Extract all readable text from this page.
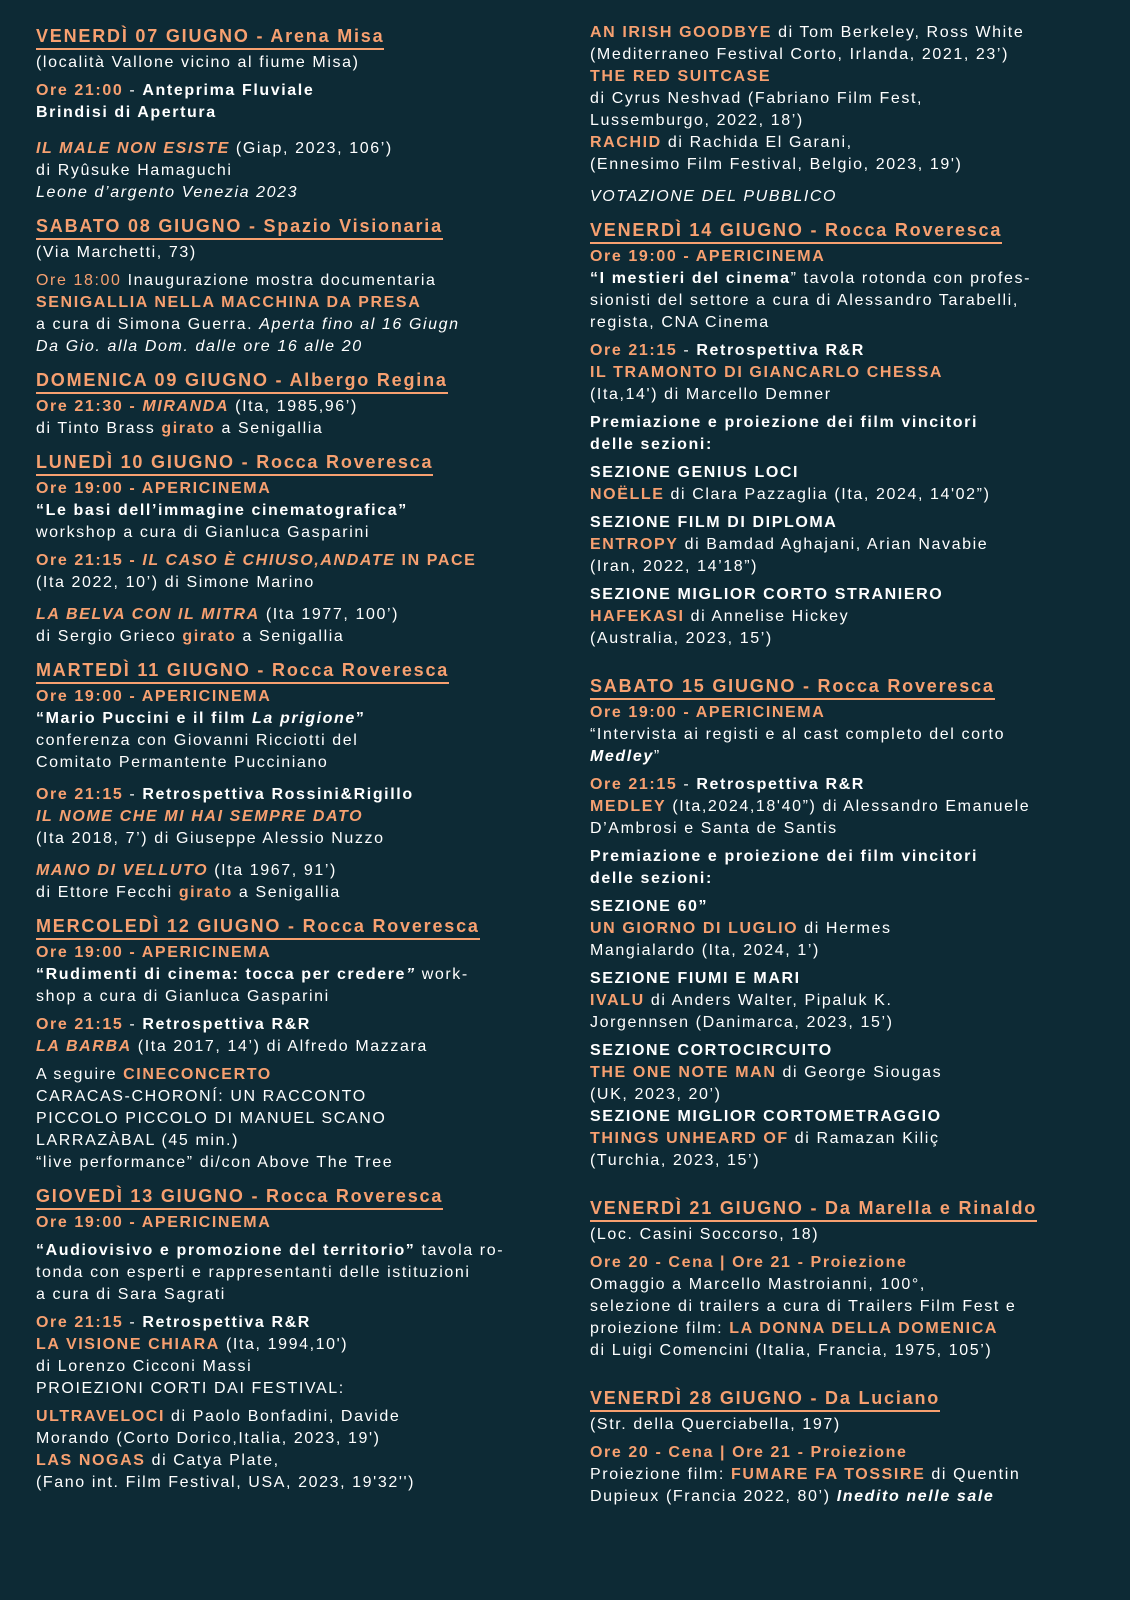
VENERDÌ 07 GIUGNO - Arena Misa
(località Vallone vicino al fiume Misa)
Ore 21:00 - Anteprima Fluviale
Brindisi di Apertura
IL MALE NON ESISTE (Giap, 2023, 106’)
di Ryûsuke Hamaguchi
Leone d’argento Venezia 2023
SABATO 08 GIUGNO - Spazio Visionaria
(Via Marchetti, 73)
Ore 18:00 Inaugurazione mostra documentaria
SENIGALLIA NELLA MACCHINA DA PRESA
a cura di Simona Guerra. Aperta fino al 16 Giugn
Da Gio. alla Dom. dalle ore 16 alle 20
DOMENICA 09 GIUGNO - Albergo Regina
Ore 21:30 - MIRANDA (Ita, 1985,96’)
di Tinto Brass girato a Senigallia
LUNEDÌ 10 GIUGNO - Rocca Roveresca
Ore 19:00 - APERICINEMA
“Le basi dell’immagine cinematografica”
workshop a cura di Gianluca Gasparini
Ore 21:15 - IL CASO È CHIUSO,ANDATE IN PACE
(Ita 2022, 10’) di Simone Marino
LA BELVA CON IL MITRA (Ita 1977, 100’)
di Sergio Grieco girato a Senigallia
MARTEDÌ 11 GIUGNO - Rocca Roveresca
Ore 19:00 - APERICINEMA
“Mario Puccini e il film La prigione”
conferenza con Giovanni Ricciotti del
Comitato Permantente Pucciniano
Ore 21:15 - Retrospettiva Rossini&Rigillo
IL NOME CHE MI HAI SEMPRE DATO
(Ita 2018, 7’) di Giuseppe Alessio Nuzzo
MANO DI VELLUTO (Ita 1967, 91’)
di Ettore Fecchi girato a Senigallia
MERCOLEDÌ 12 GIUGNO - Rocca Roveresca
Ore 19:00 - APERICINEMA
“Rudimenti di cinema: tocca per credere” work-
shop a cura di Gianluca Gasparini
Ore 21:15 - Retrospettiva R&R
LA BARBA (Ita 2017, 14’) di Alfredo Mazzara
A seguire CINECONCERTO
CARACAS-CHORONÍ: UN RACCONTO
PICCOLO PICCOLO DI MANUEL SCANO
LARRAZÀBAL (45 min.)
“live performance” di/con Above The Tree
GIOVEDÌ 13 GIUGNO - Rocca Roveresca
Ore 19:00 - APERICINEMA
“Audiovisivo e promozione del territorio” tavola ro-
tonda con esperti e rappresentanti delle istituzioni
a cura di Sara Sagrati
Ore 21:15 - Retrospettiva R&R
LA VISIONE CHIARA (Ita, 1994,10')
di Lorenzo Cicconi Massi
PROIEZIONI CORTI DAI FESTIVAL:
ULTRAVELOCI di Paolo Bonfadini, Davide
Morando (Corto Dorico,Italia, 2023, 19')
LAS NOGAS di Catya Plate,
(Fano int. Film Festival, USA, 2023, 19'32'')
AN IRISH GOODBYE di Tom Berkeley, Ross White
(Mediterraneo Festival Corto, Irlanda, 2021, 23’)
THE RED SUITCASE
di Cyrus Neshvad (Fabriano Film Fest,
Lussemburgo, 2022, 18’)
RACHID di Rachida El Garani,
(Ennesimo Film Festival, Belgio, 2023, 19')
VOTAZIONE DEL PUBBLICO
VENERDÌ 14 GIUGNO - Rocca Roveresca
Ore 19:00 - APERICINEMA
“I mestieri del cinema” tavola rotonda con profes-
sionisti del settore a cura di Alessandro Tarabelli,
regista, CNA Cinema
Ore 21:15 - Retrospettiva R&R
IL TRAMONTO DI GIANCARLO CHESSA
(Ita,14') di Marcello Demner
Premiazione e proiezione dei film vincitori
delle sezioni:
SEZIONE GENIUS LOCI
NOËLLE di Clara Pazzaglia (Ita, 2024, 14'02”)
SEZIONE FILM DI DIPLOMA
ENTROPY di Bamdad Aghajani, Arian Navabie
(Iran, 2022, 14’18”)
SEZIONE MIGLIOR CORTO STRANIERO
HAFEKASI di Annelise Hickey
(Australia, 2023, 15’)
SABATO 15 GIUGNO - Rocca Roveresca
Ore 19:00 - APERICINEMA
“Intervista ai registi e al cast completo del corto
Medley”
Ore 21:15 - Retrospettiva R&R
MEDLEY (Ita,2024,18'40”) di Alessandro Emanuele
D’Ambrosi e Santa de Santis
Premiazione e proiezione dei film vincitori
delle sezioni:
SEZIONE 60”
UN GIORNO DI LUGLIO di Hermes
Mangialardo (Ita, 2024, 1’)
SEZIONE FIUMI E MARI
IVALU di Anders Walter, Pipaluk K.
Jorgennsen (Danimarca, 2023, 15’)
SEZIONE CORTOCIRCUITO
THE ONE NOTE MAN di George Siougas
(UK, 2023, 20’)
SEZIONE MIGLIOR CORTOMETRAGGIO
THINGS UNHEARD OF di Ramazan Kiliç
(Turchia, 2023, 15’)
VENERDÌ 21 GIUGNO - Da Marella e Rinaldo
(Loc. Casini Soccorso, 18)
Ore 20 - Cena | Ore 21 - Proiezione
Omaggio a Marcello Mastroianni, 100°,
selezione di trailers a cura di Trailers Film Fest e
proiezione film: LA DONNA DELLA DOMENICA
di Luigi Comencini (Italia, Francia, 1975, 105’)
VENERDÌ 28 GIUGNO - Da Luciano
(Str. della Querciabella, 197)
Ore 20 - Cena | Ore 21 - Proiezione
Proiezione film: FUMARE FA TOSSIRE di Quentin
Dupieux (Francia 2022, 80’) Inedito nelle sale
